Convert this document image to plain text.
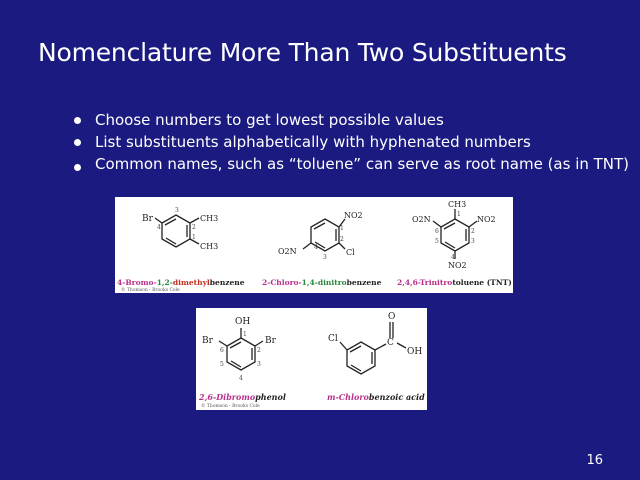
Nomenclature More Than Two Substituents
Choose numbers to get lowest possible values
List substituents alphabetically with hyphenated numbers
Common names, such as “toluene” can serve as root name (as in TNT)
Br	CH3
CH3
3
2
1
4
NO2
O2N	Cl
1
2
3
4
CH3
O2N	NO2
NO2
1
2
3
4
5
6
4-Bromo-1,2-dimethylbenzene
© Thomson - Brooks Cole
2-Chloro-1,4-dinitrobenzene 2,4,6-Trinitrotoluene (TNT)
OH
Br	Br
1
2
3
4
5
6
Cl
O
C
OH
2,6-Dibromophenol
© Thomson - Brooks Cole
m-Chlorobenzoic acid
16
